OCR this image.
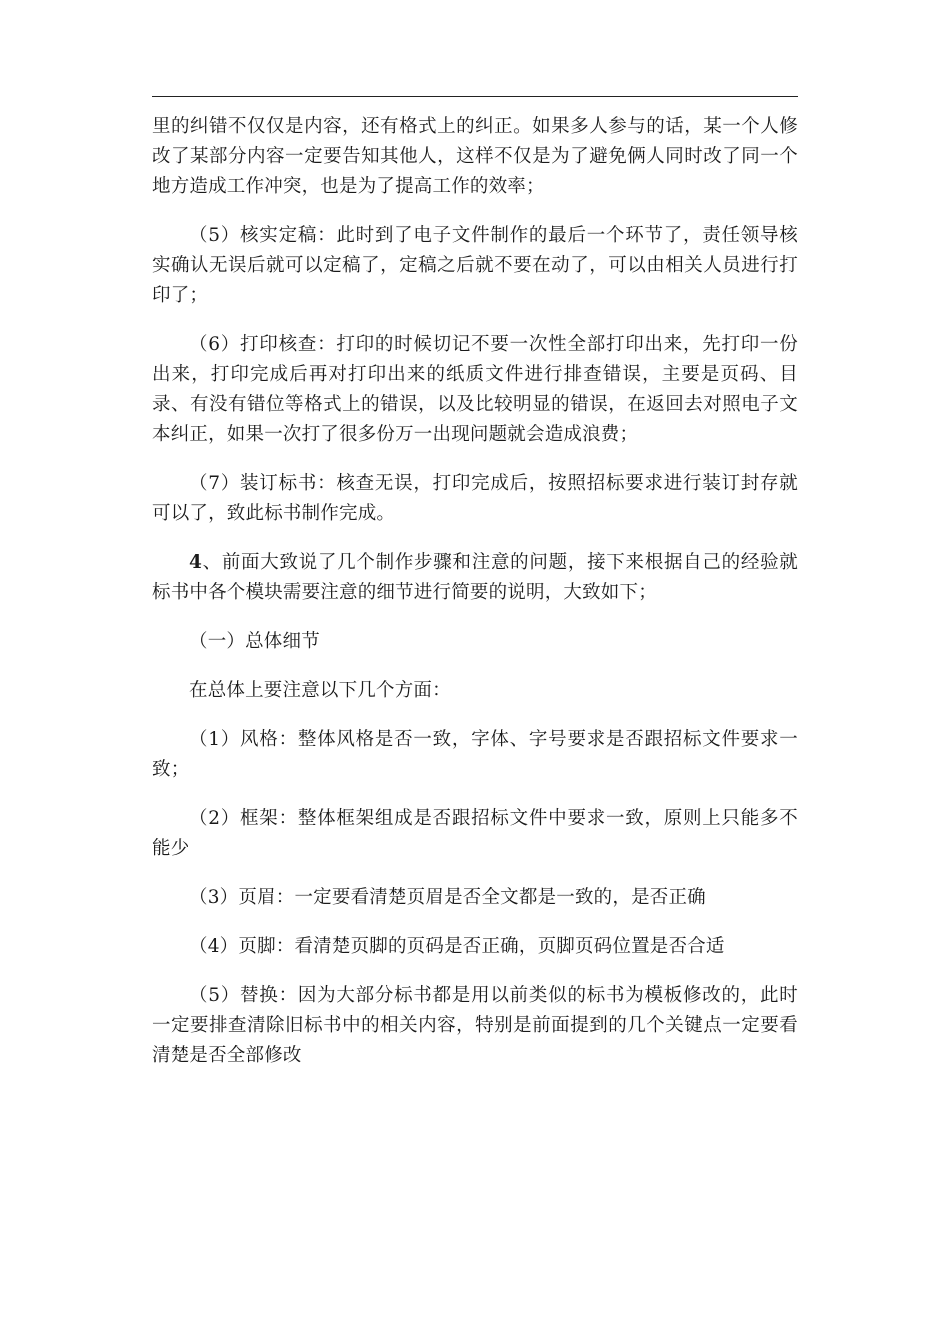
里的纠错不仅仅是内容，还有格式上的纠正。如果多人参与的话，某一个人修改了某部分内容一定要告知其他人，这样不仅是为了避免俩人同时改了同一个地方造成工作冲突，也是为了提高工作的效率；

（5）核实定稿：此时到了电子文件制作的最后一个环节了，责任领导核实确认无误后就可以定稿了，定稿之后就不要在动了，可以由相关人员进行打印了；

（6）打印核查：打印的时候切记不要一次性全部打印出来，先打印一份出来，打印完成后再对打印出来的纸质文件进行排查错误，主要是页码、目录、有没有错位等格式上的错误，以及比较明显的错误，在返回去对照电子文本纠正，如果一次打了很多份万一出现问题就会造成浪费；

（7）装订标书：核查无误，打印完成后，按照招标要求进行装订封存就可以了，致此标书制作完成。

4、前面大致说了几个制作步骤和注意的问题，接下来根据自己的经验就标书中各个模块需要注意的细节进行简要的说明，大致如下；

（一）总体细节

在总体上要注意以下几个方面：

（1）风格：整体风格是否一致，字体、字号要求是否跟招标文件要求一致；

（2）框架：整体框架组成是否跟招标文件中要求一致，原则上只能多不能少

（3）页眉：一定要看清楚页眉是否全文都是一致的，是否正确

（4）页脚：看清楚页脚的页码是否正确，页脚页码位置是否合适

（5）替换：因为大部分标书都是用以前类似的标书为模板修改的，此时一定要排查清除旧标书中的相关内容，特别是前面提到的几个关键点一定要看清楚是否全部修改
